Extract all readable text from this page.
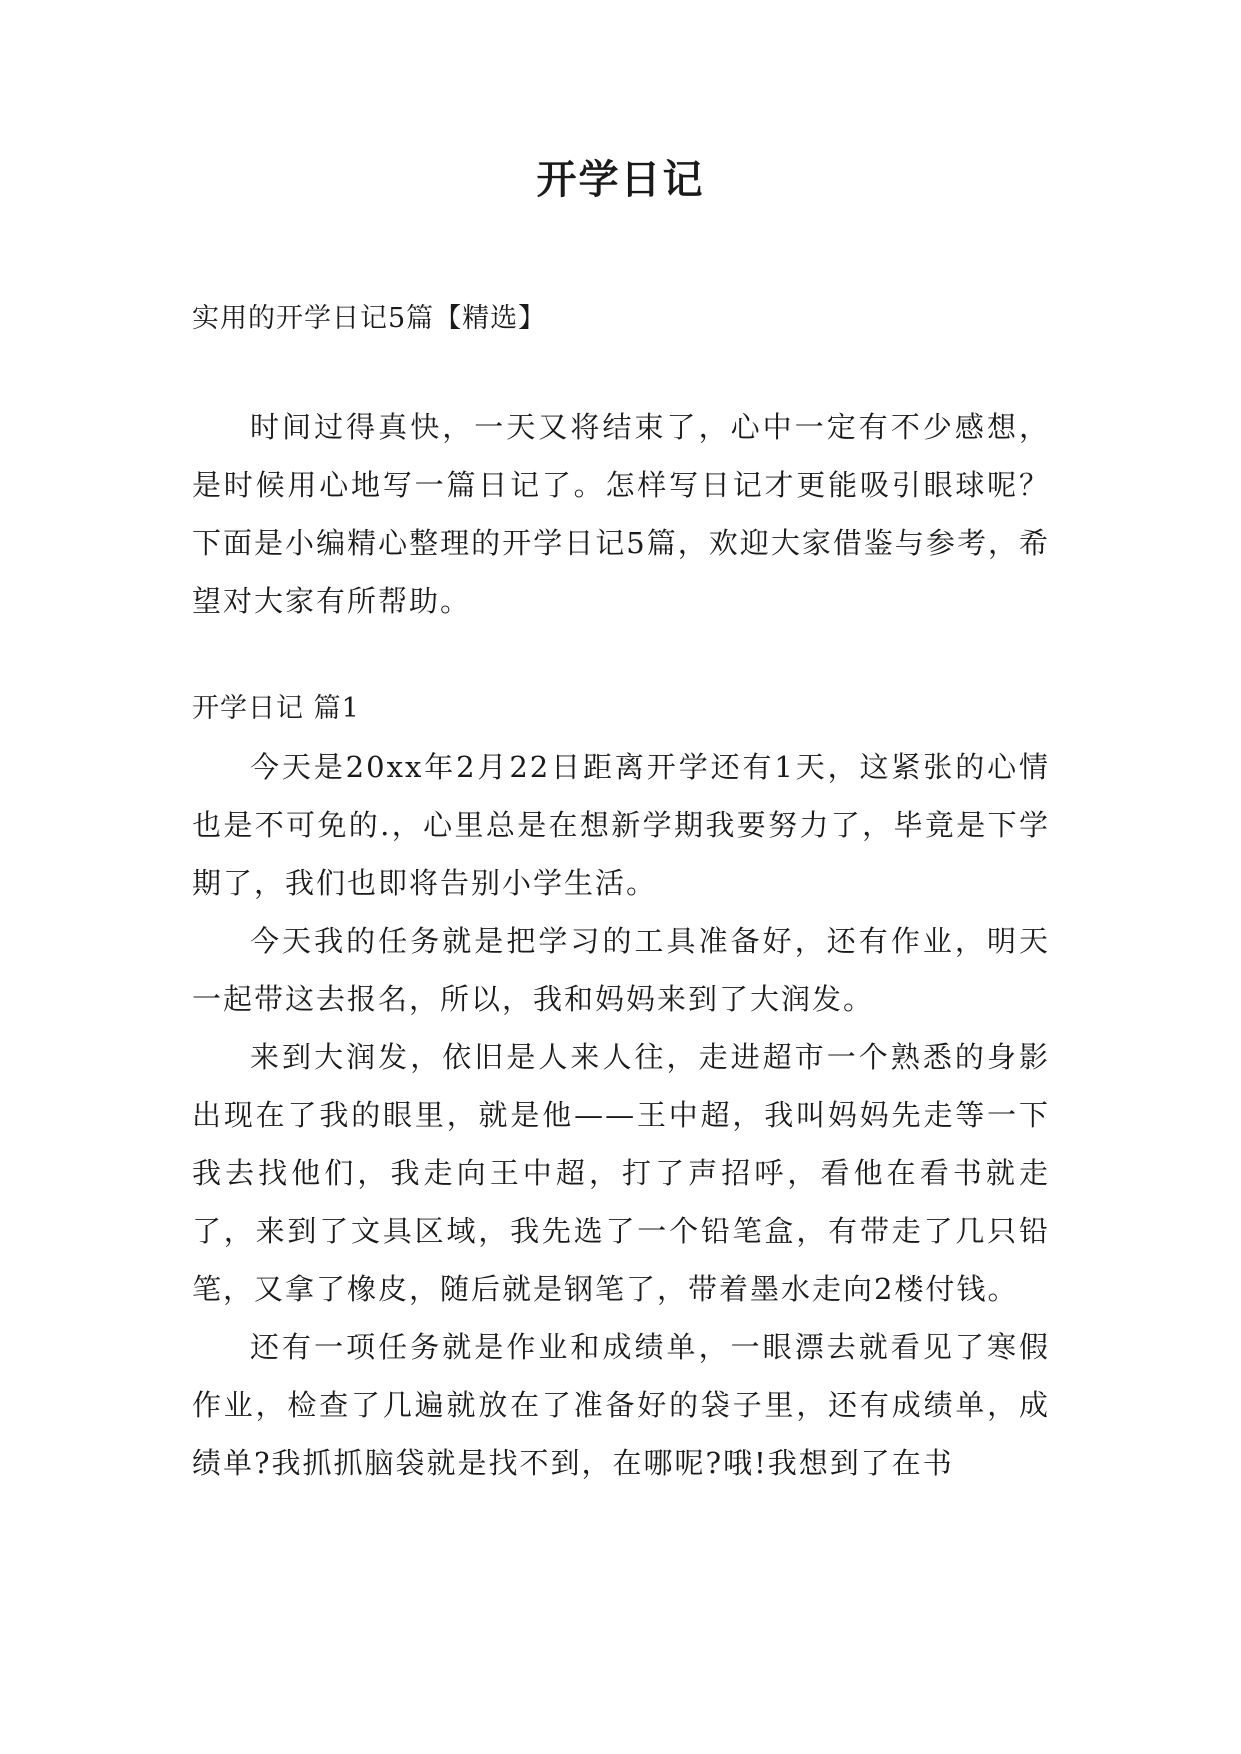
开学日记

实用的开学日记5篇【精选】

时间过得真快，一天又将结束了，心中一定有不少感想，是时候用心地写一篇日记了。怎样写日记才更能吸引眼球呢？下面是小编精心整理的开学日记5篇，欢迎大家借鉴与参考，希望对大家有所帮助。

开学日记 篇1

今天是20xx年2月22日距离开学还有1天，这紧张的心情也是不可免的.，心里总是在想新学期我要努力了，毕竟是下学期了，我们也即将告别小学生活。

今天我的任务就是把学习的工具准备好，还有作业，明天一起带这去报名，所以，我和妈妈来到了大润发。

来到大润发，依旧是人来人往，走进超市一个熟悉的身影出现在了我的眼里，就是他——王中超，我叫妈妈先走等一下我去找他们，我走向王中超，打了声招呼，看他在看书就走了，来到了文具区域，我先选了一个铅笔盒，有带走了几只铅笔，又拿了橡皮，随后就是钢笔了，带着墨水走向2楼付钱。

还有一项任务就是作业和成绩单，一眼漂去就看见了寒假作业，检查了几遍就放在了准备好的袋子里，还有成绩单，成绩单?我抓抓脑袋就是找不到，在哪呢?哦!我想到了在书
